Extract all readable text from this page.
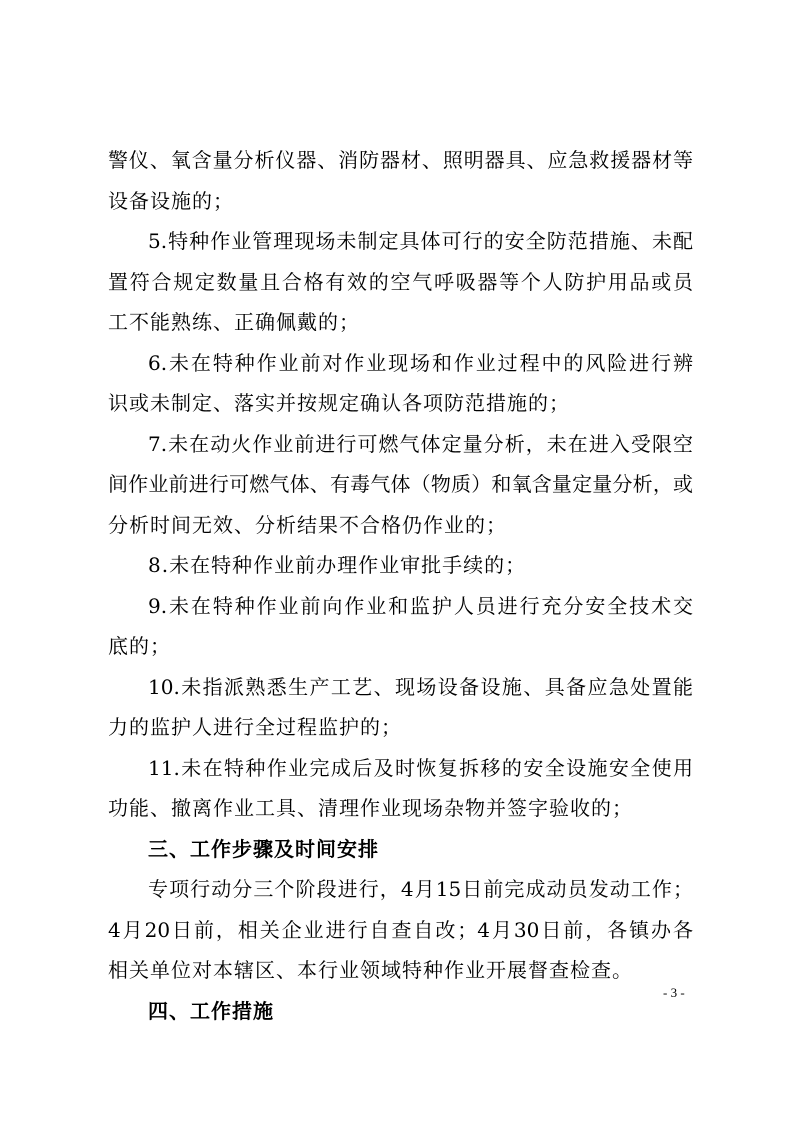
警仪、氧含量分析仪器、消防器材、照明器具、应急救援器材等
设备设施的；
5.特种作业管理现场未制定具体可行的安全防范措施、未配
置符合规定数量且合格有效的空气呼吸器等个人防护用品或员
工不能熟练、正确佩戴的；
6.未在特种作业前对作业现场和作业过程中的风险进行辨
识或未制定、落实并按规定确认各项防范措施的；
7.未在动火作业前进行可燃气体定量分析，未在进入受限空
间作业前进行可燃气体、有毒气体（物质）和氧含量定量分析，或
分析时间无效、分析结果不合格仍作业的；
8.未在特种作业前办理作业审批手续的；
9.未在特种作业前向作业和监护人员进行充分安全技术交
底的；
10.未指派熟悉生产工艺、现场设备设施、具备应急处置能
力的监护人进行全过程监护的；
11.未在特种作业完成后及时恢复拆移的安全设施安全使用
功能、撤离作业工具、清理作业现场杂物并签字验收的；
三、工作步骤及时间安排
专项行动分三个阶段进行，4月15日前完成动员发动工作；
4月20日前，相关企业进行自查自改；4月30日前，各镇办各
相关单位对本辖区、本行业领域特种作业开展督查检查。
四、工作措施
- 3 -
